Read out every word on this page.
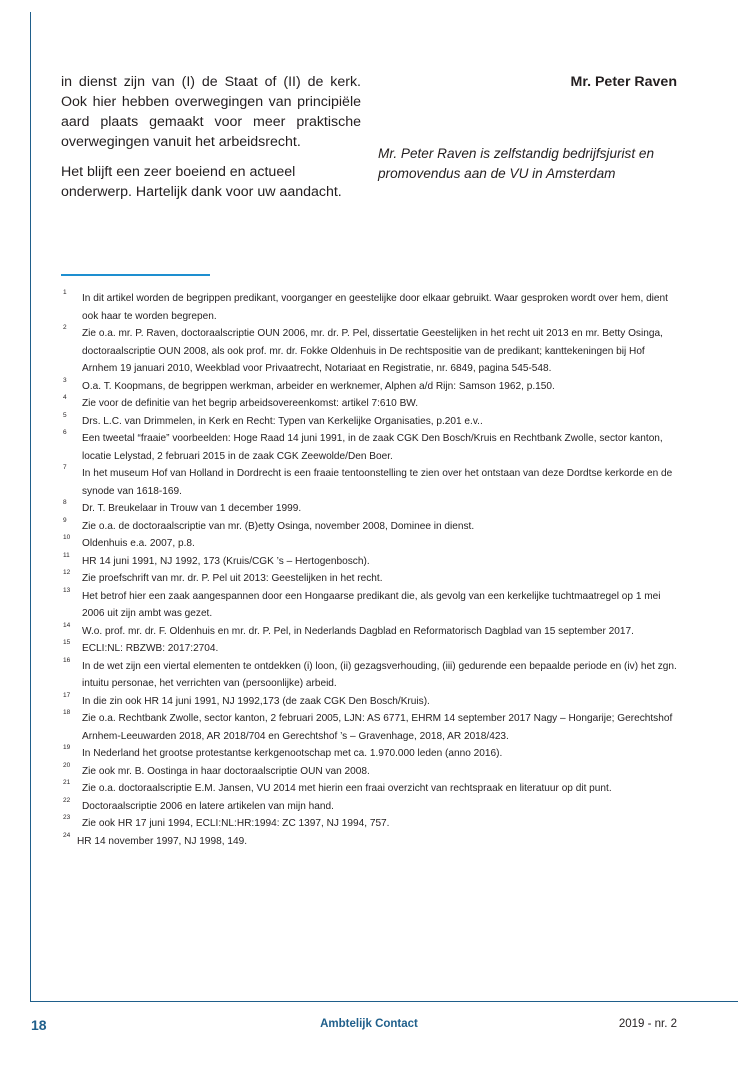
in dienst zijn van (I) de Staat of (II) de kerk. Ook hier hebben overwegingen van principiële aard plaats gemaakt voor meer praktische overwegingen vanuit het arbeidsrecht.

Het blijft een zeer boeiend en actueel onderwerp. Hartelijk dank voor uw aandacht.

Mr. Peter Raven
Mr. Peter Raven is zelfstandig bedrijfsjurist en promovendus aan de VU in Amsterdam
1
In dit artikel worden de begrippen predikant, voorganger en geestelijke door elkaar gebruikt. Waar gesproken wordt over hem, dient ook haar te worden begrepen.
2
Zie o.a. mr. P. Raven, doctoraalscriptie OUN 2006, mr. dr. P. Pel, dissertatie Geestelijken in het recht uit 2013 en mr. Betty Osinga, doctoraalscriptie OUN 2008, als ook prof. mr. dr. Fokke Oldenhuis in De rechtspositie van de predikant; kanttekeningen bij Hof Arnhem 19 januari 2010, Weekblad voor Privaatrecht, Notariaat en Registratie, nr. 6849, pagina 545-548.
3
O.a. T. Koopmans, de begrippen werkman, arbeider en werknemer, Alphen a/d Rijn: Samson 1962, p.150.
4
Zie voor de definitie van het begrip arbeidsovereenkomst: artikel 7:610 BW.
5
Drs. L.C. van Drimmelen, in Kerk en Recht: Typen van Kerkelijke Organisaties, p.201 e.v..
6
Een tweetal “fraaie” voorbeelden: Hoge Raad 14 juni 1991, in de zaak CGK Den Bosch/Kruis en Rechtbank Zwolle, sector kanton, locatie Lelystad, 2 februari 2015 in de zaak CGK Zeewolde/Den Boer.
7
In het museum Hof van Holland in Dordrecht is een fraaie tentoonstelling te zien over het ontstaan van deze Dordtse kerkorde en de synode van 1618-169.
8
Dr. T. Breukelaar in Trouw van 1 december 1999.
9
Zie o.a. de doctoraalscriptie van mr. (B)etty Osinga, november 2008, Dominee in dienst.
10
Oldenhuis e.a. 2007, p.8.
11
HR 14 juni 1991, NJ 1992, 173 (Kruis/CGK ’s – Hertogenbosch).
12
Zie proefschrift van mr. dr. P. Pel uit 2013: Geestelijken in het recht.
13
Het betrof hier een zaak aangespannen door een Hongaarse predikant die, als gevolg van een kerkelijke tuchtmaatregel op 1 mei 2006 uit zijn ambt was gezet.
14
W.o. prof. mr. dr. F. Oldenhuis en mr. dr. P. Pel, in Nederlands Dagblad en Reformatorisch Dagblad van 15 september 2017.
15
ECLI:NL: RBZWB: 2017:2704.
16
In de wet zijn een viertal elementen te ontdekken (i) loon, (ii) gezagsverhouding, (iii) gedurende een bepaalde periode en (iv) het zgn. intuitu personae, het verrichten van (persoonlijke) arbeid.
17
In die zin ook HR 14 juni 1991, NJ 1992,173 (de zaak CGK Den Bosch/Kruis).
18
Zie o.a. Rechtbank Zwolle, sector kanton, 2 februari 2005, LJN: AS 6771, EHRM 14 september 2017 Nagy – Hongarije; Gerechtshof Arnhem-Leeuwarden 2018, AR 2018/704 en Gerechtshof ’s – Gravenhage, 2018, AR 2018/423.
19
In Nederland het grootse protestantse kerkgenootschap met ca. 1.970.000 leden (anno 2016).
20
Zie ook mr. B. Oostinga in haar doctoraalscriptie OUN van 2008.
21
Zie o.a. doctoraalscriptie E.M. Jansen, VU 2014 met hierin een fraai overzicht van rechtspraak en literatuur op dit punt.
22
Doctoraalscriptie 2006 en latere artikelen van mijn hand.
23
Zie ook HR 17 juni 1994, ECLI:NL:HR:1994: ZC 1397, NJ 1994, 757.
24
HR 14 november 1997, NJ 1998, 149.
18	Ambtelijk Contact	2019 - nr. 2
